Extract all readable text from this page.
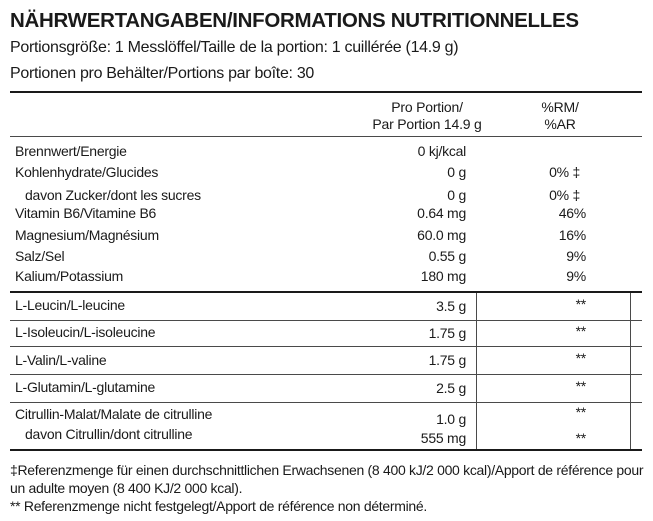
NÄHRWERTANGABEN/INFORMATIONS NUTRITIONNELLES
Portionsgröße: 1 Messlöffel/Taille de la portion: 1 cuillérée (14.9 g)
Portionen pro Behälter/Portions par boîte: 30
Pro Portion/
Par Portion 14.9 g
%RM/
%AR
Brennwert/Energie	0 kj/kcal
Kohlenhydrate/Glucides	0 g	0% ‡
davon Zucker/dont les sucres	0 g	0% ‡
Vitamin B6/Vitamine B6	0.64 mg	46%
Magnesium/Magnésium	60.0 mg	16%
Salz/Sel	0.55 g	9%
Kalium/Potassium	180 mg	9%
L-Leucin/L-leucine	3.5 g	**
L-Isoleucin/L-isoleucine	1.75 g	**
L-Valin/L-valine	1.75 g	**
L-Glutamin/L-glutamine	2.5 g	**
Citrullin-Malat/Malate de citrulline	1.0 g	**
davon Citrullin/dont citrulline	555 mg	**
‡Referenzmenge für einen durchschnittlichen Erwachsenen (8 400 kJ/2 000 kcal)/Apport de référence pour un adulte moyen (8 400 KJ/2 000 kcal).
** Referenzmenge nicht festgelegt/Apport de référence non déterminé.
